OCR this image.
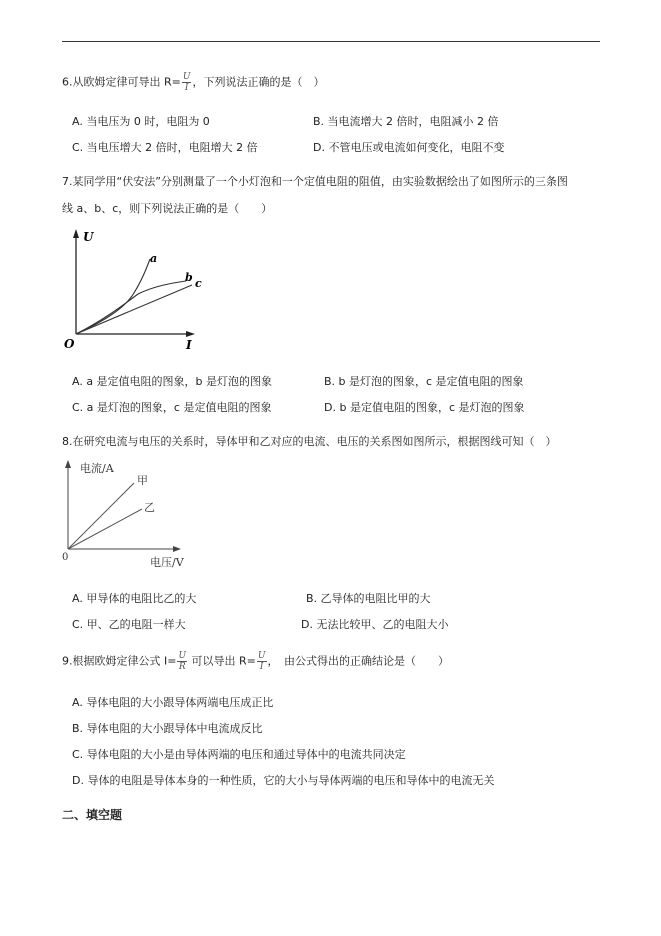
6.从欧姆定律可导出 $R= \frac{U}{I}$ ，下列说法正确的是（　）
A. 当电压为 0 时，电阻为 0	B. 当电流增大 2 倍时，电阻减小 2 倍
C. 当电压增大 2 倍时，电阻增大 2 倍	D. 不管电压或电流如何变化，电阻不变
7.某同学用“伏安法”分别测量了一个小灯泡和一个定值电阻的阻值，由实验数据绘出了如图所示的三条图
线 a、b、c，则下列说法正确的是（　　）
U
I
O
a
b c
A. a 是定值电阻的图象，b 是灯泡的图象	B. b 是灯泡的图象，c 是定值电阻的图象
C. a 是灯泡的图象，c 是定值电阻的图象	D. b 是定值电阻的图象，c 是灯泡的图象
8.在研究电流与电压的关系时，导体甲和乙对应的电流、电压的关系图如图所示，根据图线可知（　）
电流/A
电压/V
0
甲
乙
A. 甲导体的电阻比乙的大	B. 乙导体的电阻比甲的大
C. 甲、乙的电阻一样大	D. 无法比较甲、乙的电阻大小
9.根据欧姆定律公式 $I= \frac{U}{R}$ 可以导出 $R= \frac{U}{I}$ ，　由公式得出的正确结论是（　　）
A. 导体电阻的大小跟导体两端电压成正比
B. 导体电阻的大小跟导体中电流成反比
C. 导体电阻的大小是由导体两端的电压和通过导体中的电流共同决定
D. 导体的电阻是导体本身的一种性质，它的大小与导体两端的电压和导体中的电流无关
二、填空题
